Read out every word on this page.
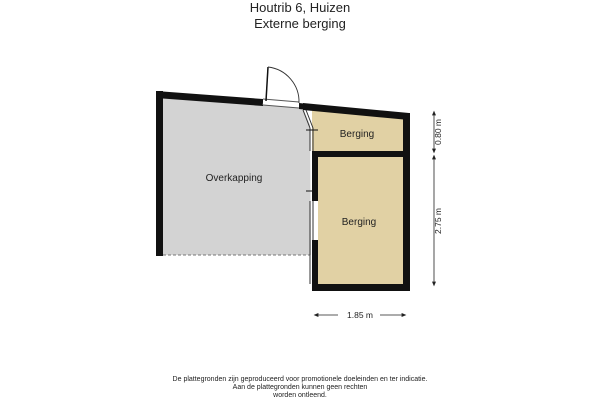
Houtrib 6, Huizen
Externe berging
Overkapping
Berging
Berging
0.80 m
2.75 m
1.85 m
De plattegronden zijn geproduceerd voor promotionele doeleinden en ter indicatie.
Aan de plattegronden kunnen geen rechten
worden ontleend.
